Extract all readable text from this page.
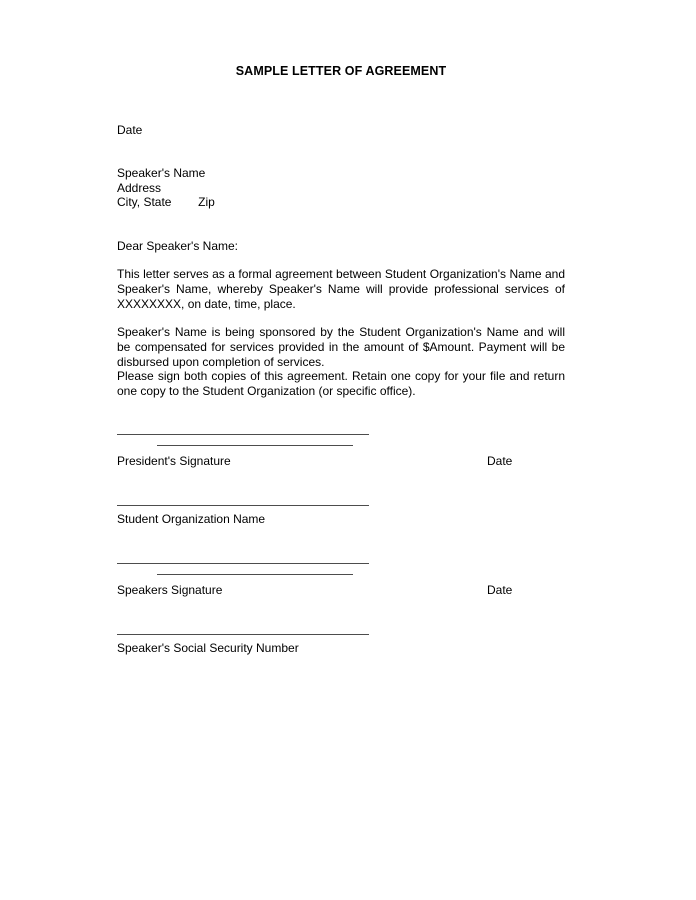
SAMPLE LETTER OF AGREEMENT
Date
Speaker's Name
Address
City, State        Zip
Dear Speaker's Name:
This letter serves as a formal agreement between Student Organization's Name and Speaker's Name, whereby Speaker's Name will provide professional services of XXXXXXXX, on date, time, place.
Speaker's Name is being sponsored by the Student Organization's Name and will be compensated for services provided in the amount of $Amount. Payment will be disbursed upon completion of services.
Please sign both copies of this agreement. Retain one copy for your file and return one copy to the Student Organization (or specific office).
President's Signature	Date
Student Organization Name
Speakers Signature	Date
Speaker's Social Security Number
